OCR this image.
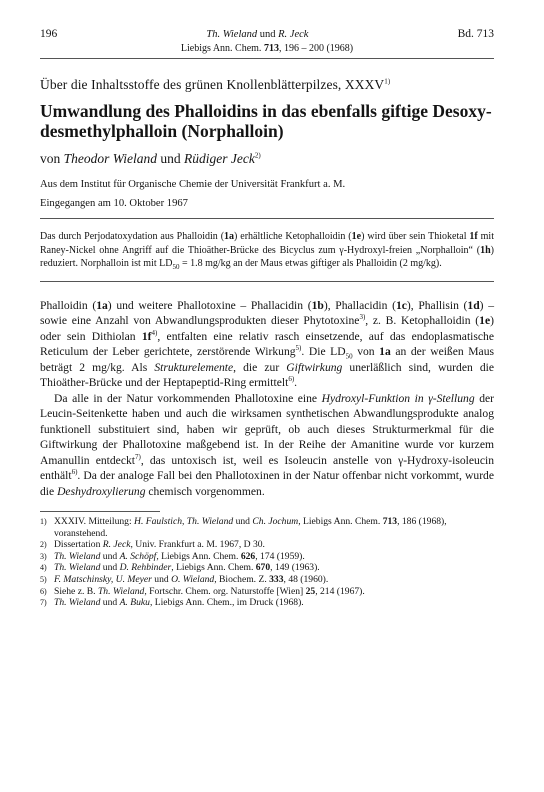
196	Th. Wieland und R. Jeck	Bd. 713
Liebigs Ann. Chem. 713, 196 – 200 (1968)
Über die Inhaltsstoffe des grünen Knollenblätterpilzes, XXXV$^{1)}$
Umwandlung des Phalloidins in das ebenfalls giftige Desoxy-desmethylphalloin (Norphalloin)
von Theodor Wieland und Rüdiger Jeck$^{2)}$
Aus dem Institut für Organische Chemie der Universität Frankfurt a. M.
Eingegangen am 10. Oktober 1967
Das durch Perjodatoxydation aus Phalloidin (1a) erhältliche Ketophalloidin (1e) wird über sein Thioketal 1f mit Raney-Nickel ohne Angriff auf die Thioäther-Brücke des Bicyclus zum γ-Hydroxyl-freien „Norphalloin“ (1h) reduziert. Norphalloin ist mit $LD_{50} = 1.8$ mg/kg an der Maus etwas giftiger als Phalloidin (2 mg/kg).

Phalloidin (1a) und weitere Phallotoxine – Phallacidin (1b), Phallacidin (1c), Phallisin (1d) – sowie eine Anzahl von Abwandlungsprodukten dieser Phytotoxine$^{3)}$, z. B. Ketophalloidin (1e) oder sein Dithiolan $1f^{4)}$, entfalten eine relativ rasch einsetzende, auf das endoplasmatische Reticulum der Leber gerichtete, zerstörende Wirkung$^{5)}$. Die $LD_{50}$ von 1a an der weißen Maus beträgt 2 mg/kg. Als Strukturelemente, die zur Giftwirkung unerläßlich sind, wurden die Thioäther-Brücke und der Heptapeptid-Ring ermittelt$^{6)}$.

Da alle in der Natur vorkommenden Phallotoxine eine Hydroxyl-Funktion in γ-Stellung der Leucin-Seitenkette haben und auch die wirksamen synthetischen Abwandlungsprodukte analog funktionell substituiert sind, haben wir geprüft, ob auch dieses Strukturmerkmal für die Giftwirkung der Phallotoxine maßgebend ist. In der Reihe der Amanitine wurde vor kurzem Amanullin entdeckt$^{7)}$, das untoxisch ist, weil es Isoleucin anstelle von γ-Hydroxy-isoleucin enthält$^{6)}$. Da der analoge Fall bei den Phallotoxinen in der Natur offenbar nicht vorkommt, wurde die Deshydroxylierung chemisch vorgenommen.

1) XXXIV. Mitteilung: H. Faulstich, Th. Wieland und Ch. Jochum, Liebigs Ann. Chem. 713, 186 (1968), voranstehend.
2) Dissertation R. Jeck, Univ. Frankfurt a. M. 1967, D 30.
3) Th. Wieland und A. Schöpf, Liebigs Ann. Chem. 626, 174 (1959).
4) Th. Wieland und D. Rehbinder, Liebigs Ann. Chem. 670, 149 (1963).
5) F. Matschinsky, U. Meyer und O. Wieland, Biochem. Z. 333, 48 (1960).
6) Siehe z. B. Th. Wieland, Fortschr. Chem. org. Naturstoffe [Wien] 25, 214 (1967).
7) Th. Wieland und A. Buku, Liebigs Ann. Chem., im Druck (1968).
